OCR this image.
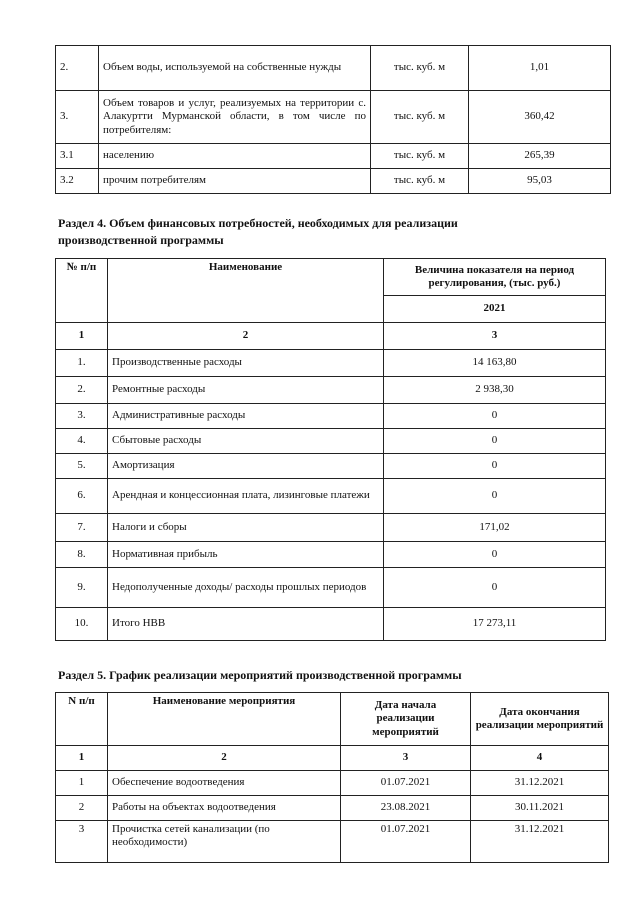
2.	Объем воды, используемой на собственные нужды	тыс. куб. м	1,01
3.	Объем товаров и услуг, реализуемых на территории с. Алакуртти Мурманской области, в том числе по потребителям:	тыс. куб. м	360,42
3.1	населению	тыс. куб. м	265,39
3.2	прочим потребителям	тыс. куб. м	95,03
Раздел 4. Объем финансовых потребностей, необходимых для реализации производственной программы
№ п/п	Наименование	Величина показателя на период регулирования, (тыс. руб.)
		2021
1	2	3
1.	Производственные расходы	14 163,80
2.	Ремонтные расходы	2 938,30
3.	Административные расходы	0
4.	Сбытовые расходы	0
5.	Амортизация	0
6.	Арендная и концессионная плата, лизинговые платежи	0
7.	Налоги и сборы	171,02
8.	Нормативная прибыль	0
9.	Недополученные доходы/ расходы прошлых периодов	0
10.	Итого НВВ	17 273,11
Раздел 5. График реализации мероприятий производственной программы
N п/п	Наименование мероприятия	Дата начала реализации мероприятий	Дата окончания реализации мероприятий
1	2	3	4
1	Обеспечение водоотведения	01.07.2021	31.12.2021
2	Работы на объектах водоотведения	23.08.2021	30.11.2021
3	Прочистка сетей канализации (по необходимости)	01.07.2021	31.12.2021
